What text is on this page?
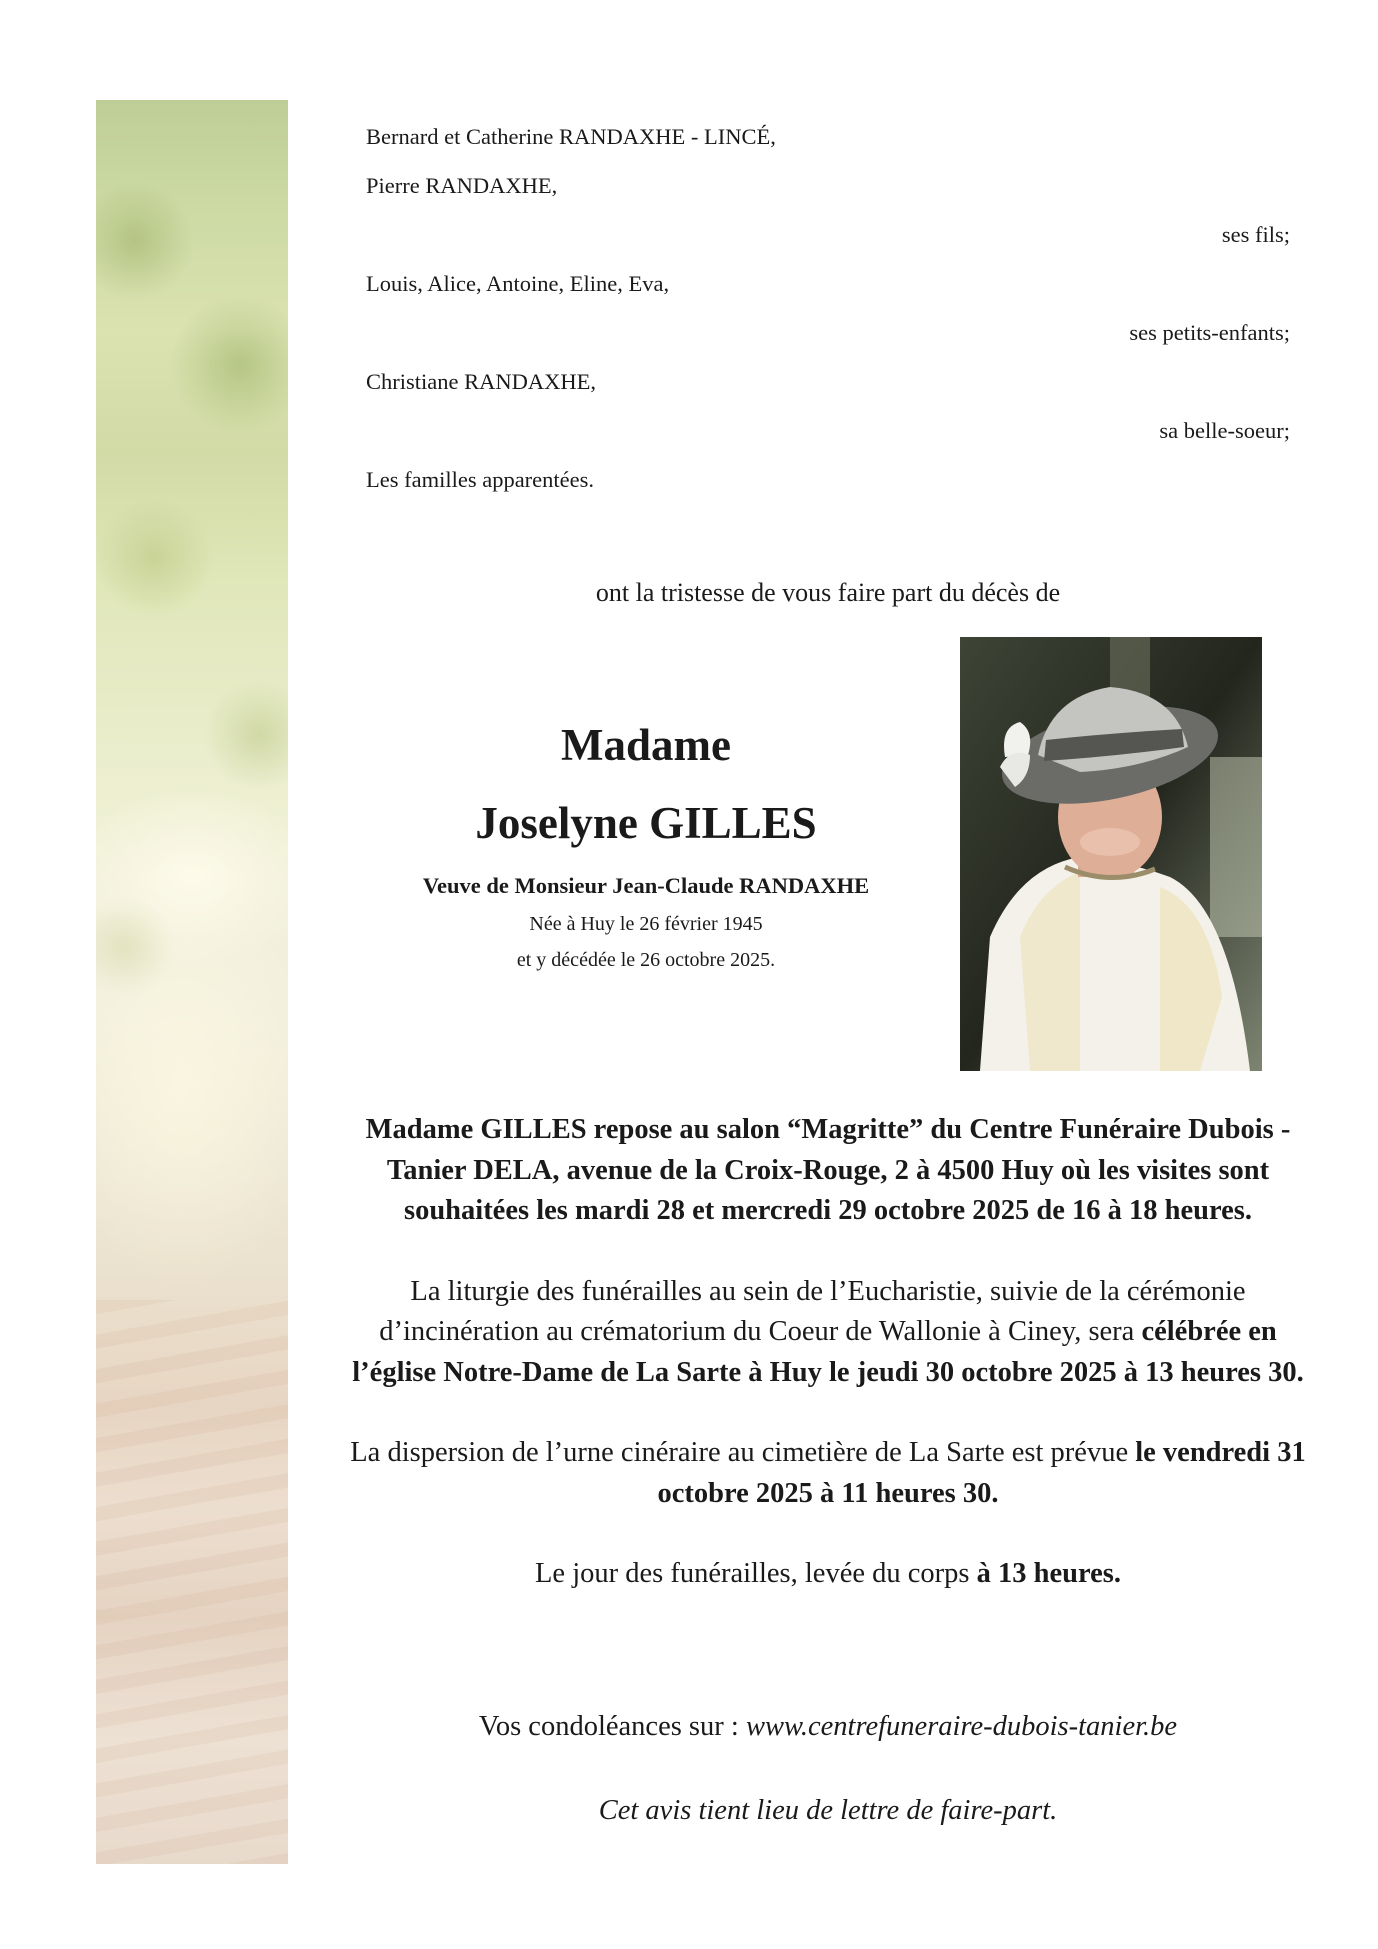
Bernard et Catherine RANDAXHE - LINCÉ,
Pierre RANDAXHE,
ses fils;
Louis, Alice, Antoine, Eline, Eva,
ses petits-enfants;
Christiane RANDAXHE,
sa belle-soeur;
Les familles apparentées.
ont la tristesse de vous faire part du décès de
Madame
Joselyne GILLES
Veuve de Monsieur Jean-Claude RANDAXHE
Née à Huy le 26 février 1945
et y décédée le 26 octobre 2025.
Madame GILLES repose au salon “Magritte” du Centre Funéraire Dubois -Tanier DELA, avenue de la Croix-Rouge, 2 à 4500 Huy où les visites sont souhaitées les mardi 28 et mercredi 29 octobre 2025 de 16 à 18 heures.
La liturgie des funérailles au sein de l’Eucharistie, suivie de la cérémonie d’incinération au crématorium du Coeur de Wallonie à Ciney, sera célébrée en l’église Notre-Dame de La Sarte à Huy le jeudi 30 octobre 2025 à 13 heures 30.
La dispersion de l’urne cinéraire au cimetière de La Sarte est prévue le vendredi 31 octobre 2025 à 11 heures 30.
Le jour des funérailles, levée du corps à 13 heures.
Vos condoléances sur : www.centrefuneraire-dubois-tanier.be
Cet avis tient lieu de lettre de faire-part.
